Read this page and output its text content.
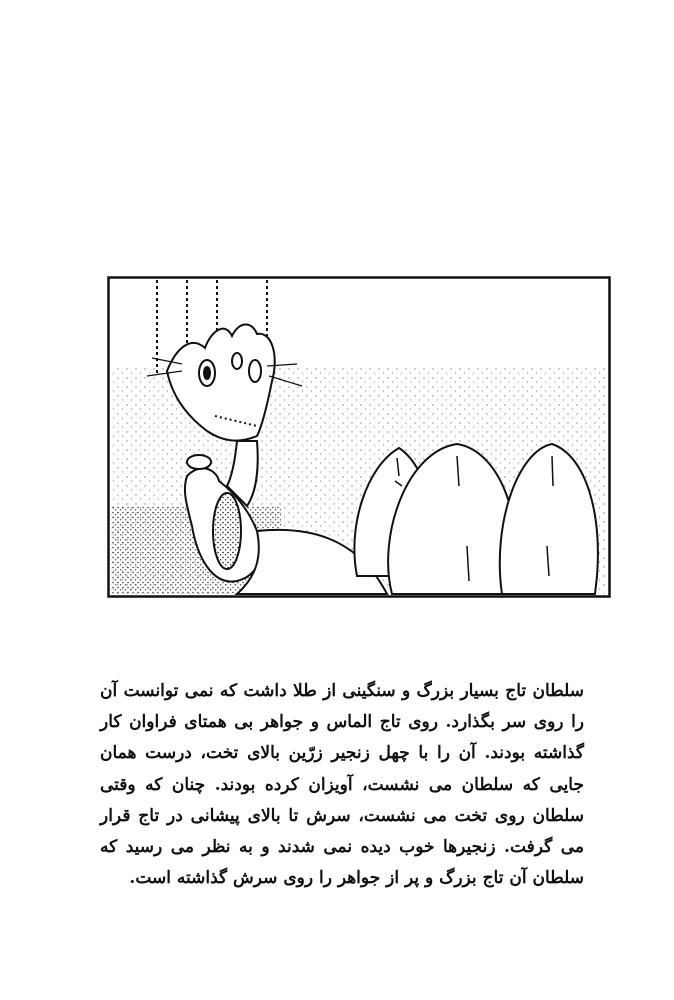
سلطان تاج بسیار بزرگ و سنگینی از طلا داشت که نمی توانست آن
را روی سر بگذارد. روی تاج الماس و جواهر بی همتای فراوان کار
گذاشته بودند. آن را با چهل زنجیر زرّین بالای تخت، درست همان
جایی که سلطان می نشست، آویزان کرده بودند. چنان که وقتی
سلطان روی تخت می نشست، سرش تا بالای پیشانی در تاج قرار
می گرفت. زنجیرها خوب دیده نمی شدند و به نظر می رسید که
سلطان آن تاج بزرگ و پر از جواهر را روی سرش گذاشته است.
